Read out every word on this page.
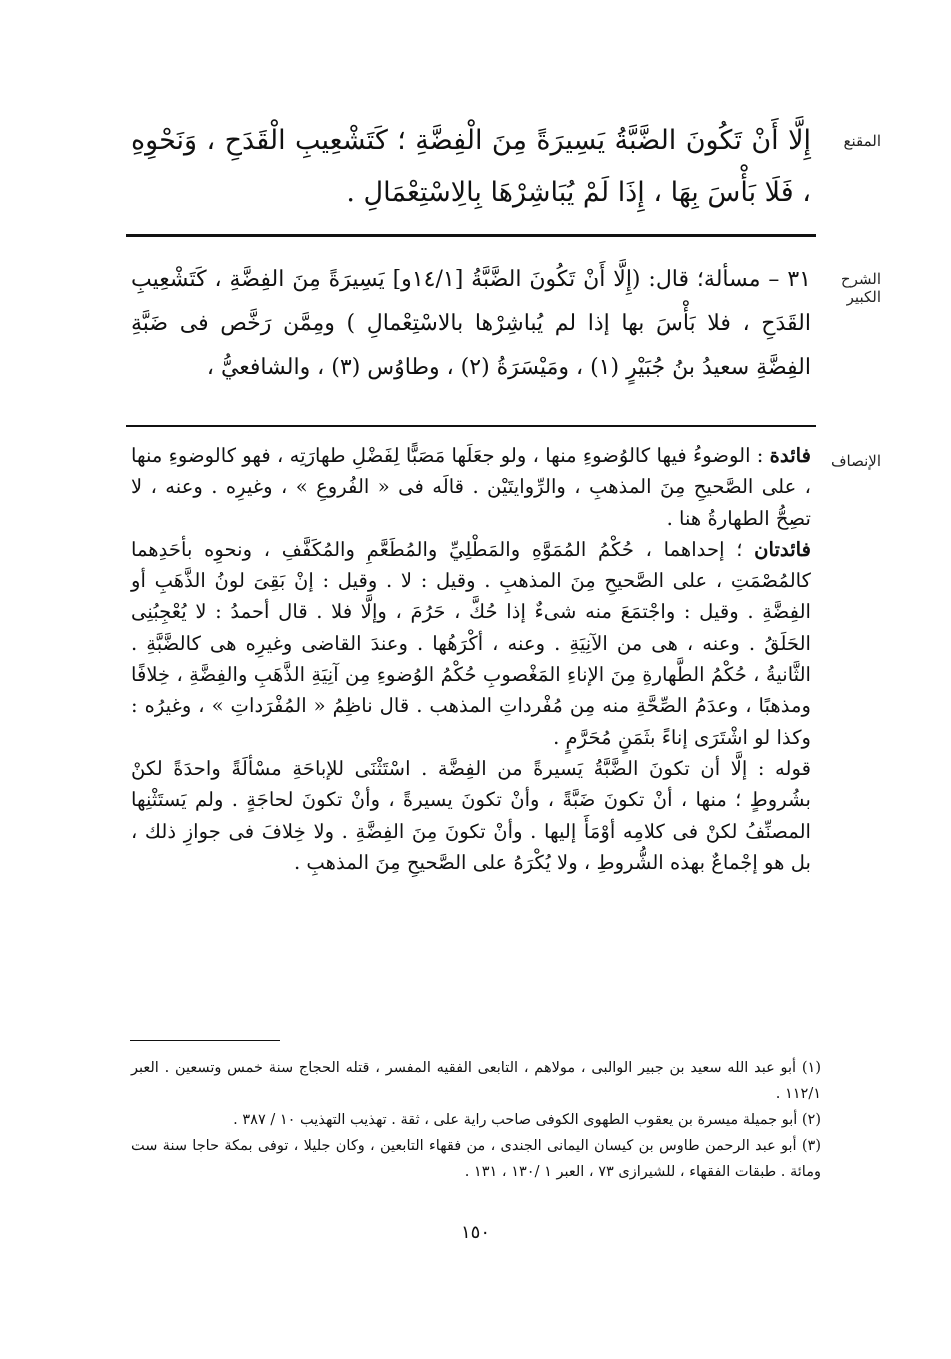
المقنع
إِلَّا أَنْ تَكُونَ الضَّبَّةُ يَسِيرَةً مِنَ الْفِضَّةِ ؛ كَتَشْعِيبِ الْقَدَحِ ، وَنَحْوِهِ ، فَلَا بَأْسَ بِهَا ، إِذَا لَمْ يُبَاشِرْهَا بِالِاسْتِعْمَالِ .
الشرح الكبير

٣١ – مسألة؛ قال: (إِلَّا أَنْ تَكُونَ الضَّبَّةُ [١٤/١و] يَسِيرَةً مِنَ الفِضَّةِ ، كَتَشْعِيبِ القَدَحِ ، فلا بَأْسَ بها إذا لم يُباشِرْها بالاسْتِعْمالِ ) ومِمَّن رَخَّص فى ضَبَّةِ الفِضَّةِ سعيدُ بنُ جُبَيْرٍ (١) ، ومَيْسَرَةُ (٢) ، وطاوُس (٣) ، والشافعيُّ ،

الإنصاف

فائدة : الوضوءُ فيها كالوُضوءِ منها ، ولو جعَلَها مَصَبًّا لِفَضْلِ طهارَتِه ، فهو كالوضوءِ منها ، على الصَّحيحِ مِنَ المذهبِ ، والرِّوايتَيْن . قالَه فى « الفُروعِ » ، وغيرِه . وعنه ، لا تصِحُّ الطهارةُ هنا .

فائدتان ؛ إحداهما ، حُكْمُ المُمَوَّهِ والمَطْلِيِّ والمُطَعَّمِ والمُكَفَّفِ ، ونحوِه بأحَدِهما كالمُصْمَتِ ، على الصَّحيحِ مِنَ المذهبِ . وقيل : لا . وقيل : إنْ بَقِىَ لونُ الذَّهَبِ أو الفِضَّةِ . وقيل : واجْتمَعَ منه شىءٌ إذا حُكَّ ، حَرُمَ ، وإلَّا فلا . قال أحمدُ : لا يُعْجِبُنِى الحَلَقُ . وعنه ، هى من الآنِيَةِ . وعنه ، أكْرَهُها . وعندَ القاضى وغيرِه هى كالضَّبَّةِ . الثَّانيةُ ، حُكْمُ الطَّهارةِ مِنَ الإناءِ المَغْصوبِ حُكْمُ الوُضوءِ مِن آنِيَةِ الذَّهَبِ والفِضَّةِ ، خِلافًا ومذهبًا ، وعدَمُ الصِّحَّةِ منه مِن مُفْرداتِ المذهب . قال ناظِمُ « المُفْرَداتِ » ، وغيرُه : وكذا لو اشْتَرَى إناءً بثَمَنٍ مُحَرَّمٍ .

قوله : إلَّا أن تكونَ الضَّبَّةُ يَسيرةً من الفِضَّة . اسْتَثْنَى للإباحَةِ مسْألَةً واحدَةً لكنْ بشُروطٍ ؛ منها ، أنْ تكونَ ضَبَّةً ، وأنْ تكونَ يسيرةً ، وأنْ تكونَ لحاجَةٍ . ولم يَستَثْنِها المصنِّفُ لكنْ فى كلامِه أوْمَأَ إليها . وأنْ تكونَ مِنَ الفِضَّةِ . ولا خِلافَ فى جوازِ ذلك ، بل هو إجْماعٌ بهذه الشُّروطِ ، ولا يُكْرَهُ على الصَّحيحِ مِنَ المذهبِ .

(١) أبو عبد الله سعيد بن جبير الوالبى ، مولاهم ، التابعى الفقيه المفسر ، قتله الحجاج سنة خمس وتسعين . العبر ١١٢/١ .

(٢) أبو جميلة ميسرة بن يعقوب الطهوى الكوفى صاحب راية على ، ثقة . تهذيب التهذيب ١٠ / ٣٨٧ .

(٣) أبو عبد الرحمن طاوس بن كيسان اليمانى الجندى ، من فقهاء التابعين ، وكان جليلا ، توفى بمكة حاجا سنة ست ومائة . طبقات الفقهاء ، للشيرازى ٧٣ ، العبر ١ /١٣٠ ، ١٣١ .

١٥٠
